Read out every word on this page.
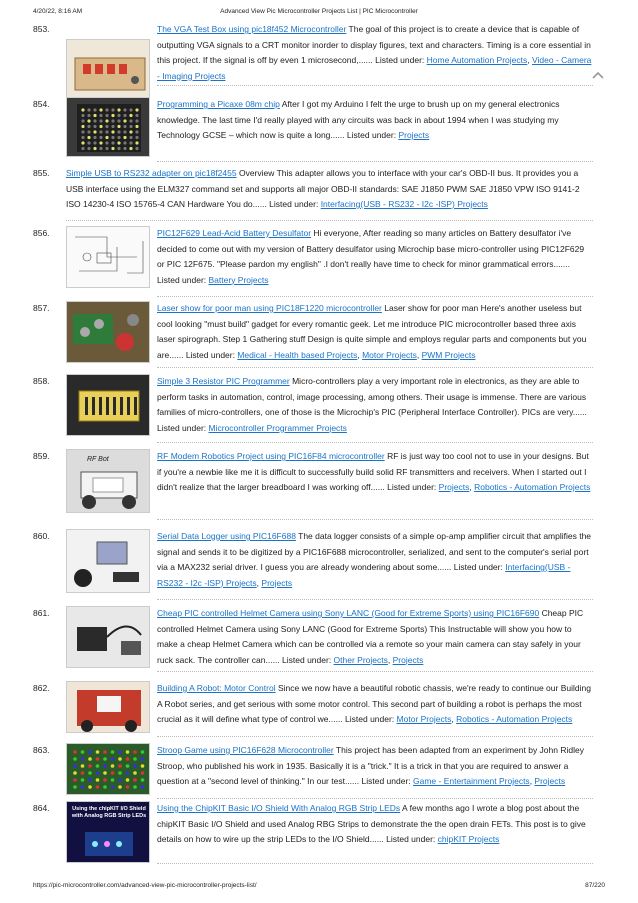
4/20/22, 8:16 AM	Advanced View Pic Microcontroller Projects List | PIC Microcontroller
853.	The VGA Test Box using pic18f452 Microcontroller The goal of this project is to create a device that is capable of outputting VGA signals to a CRT monitor inorder to display figures, text and characters. Timing is a core essential in this project. If the signal is off by even 1 microsecond,...... Listed under: Home Automation Projects, Video - Camera - Imaging Projects
854.	Programming a Picaxe 08m chip After I got my Arduino I felt the urge to brush up on my general electronics knowledge. The last time I'd really played with any circuits was back in about 1994 when I was studying my Technology GCSE – which now is quite a long...... Listed under: Projects
855. Simple USB to RS232 adapter on pic18f2455 Overview This adapter allows you to interface with your car's OBD-II bus. It provides you a USB interface using the ELM327 command set and supports all major OBD-II standards: SAE J1850 PWM SAE J1850 VPW ISO 9141-2 ISO 14230-4 ISO 15765-4 CAN Hardware You do...... Listed under: Interfacing(USB - RS232 - I2c -ISP) Projects
856.	PIC12F629 Lead-Acid Battery Desulfator Hi everyone, After reading so many articles on Battery desulfator i've decided to come out with my version of Battery desulfator using Microchip base micro-controller using PIC12F629 or PIC 12F675. "Please pardon my english" .I don't really have time to check for minor grammatical errors....... Listed under: Battery Projects
857.	Laser show for poor man using PIC18F1220 microcontroller Laser show for poor man Here's another useless but cool looking "must build" gadget for every romantic geek. Let me introduce PIC microcontroller based three axis laser spirograph. Step 1 Gathering stuff Design is quite simple and employs regular parts and components but you are...... Listed under: Medical - Health based Projects, Motor Projects, PWM Projects
858.	Simple 3 Resistor PIC Programmer Micro-controllers play a very important role in electronics, as they are able to perform tasks in automation, control, image processing, among others. Their usage is immense. There are various families of micro-controllers, one of those is the Microchip's PIC (Peripheral Interface Controller). PICs are very...... Listed under: Microcontroller Programmer Projects
859.	RF Bot	RF Modem Robotics Project using PIC16F84 microcontroller RF is just way too cool not to use in your designs. But if you're a newbie like me it is difficult to successfully build solid RF transmitters and receivers. When I started out I didn't realize that the larger breadboard I was working off...... Listed under: Projects, Robotics - Automation Projects
860.	Serial Data Logger using PIC16F688 The data logger consists of a simple op-amp amplifier circuit that amplifies the signal and sends it to be digitized by a PIC16F688 microcontroller, serialized, and sent to the computer's serial port via a MAX232 serial driver. I guess you are already wondering about some...... Listed under: Interfacing(USB - RS232 - I2c -ISP) Projects, Projects
861.	Cheap PIC controlled Helmet Camera using Sony LANC (Good for Extreme Sports) using PIC16F690 Cheap PIC controlled Helmet Camera using Sony LANC (Good for Extreme Sports) This Instructable will show you how to make a cheap Helmet Camera which can be controlled via a remote so your main camera can stay safely in your ruck sack. The controller can...... Listed under: Other Projects, Projects
862.	Building A Robot: Motor Control Since we now have a beautiful robotic chassis, we're ready to continue our Building A Robot series, and get serious with some motor control. This second part of building a robot is perhaps the most crucial as it will define what type of control we...... Listed under: Motor Projects, Robotics - Automation Projects
863.	Stroop Game using PIC16F628 Microcontroller This project has been adapted from an experiment by John Ridley Stroop, who published his work in 1935. Basically it is a "trick." It is a trick in that you are required to answer a question at a "second level of thinking." In our test...... Listed under: Game - Entertainment Projects, Projects
864.	Using the chipKIT I/O Shield with Analog RGB Strip LEDs
Using the ChipKIT Basic I/O Shield With Analog RGB Strip LEDs A few months ago I wrote a blog post about the chipKIT Basic I/O Shield and used Analog RBG Strips to demonstrate the the open drain FETs. This post is to give details on how to wire up the strip LEDs to the I/O Shield...... Listed under: chipKIT Projects
https://pic-microcontroller.com/advanced-view-pic-microcontroller-projects-list/	87/220
